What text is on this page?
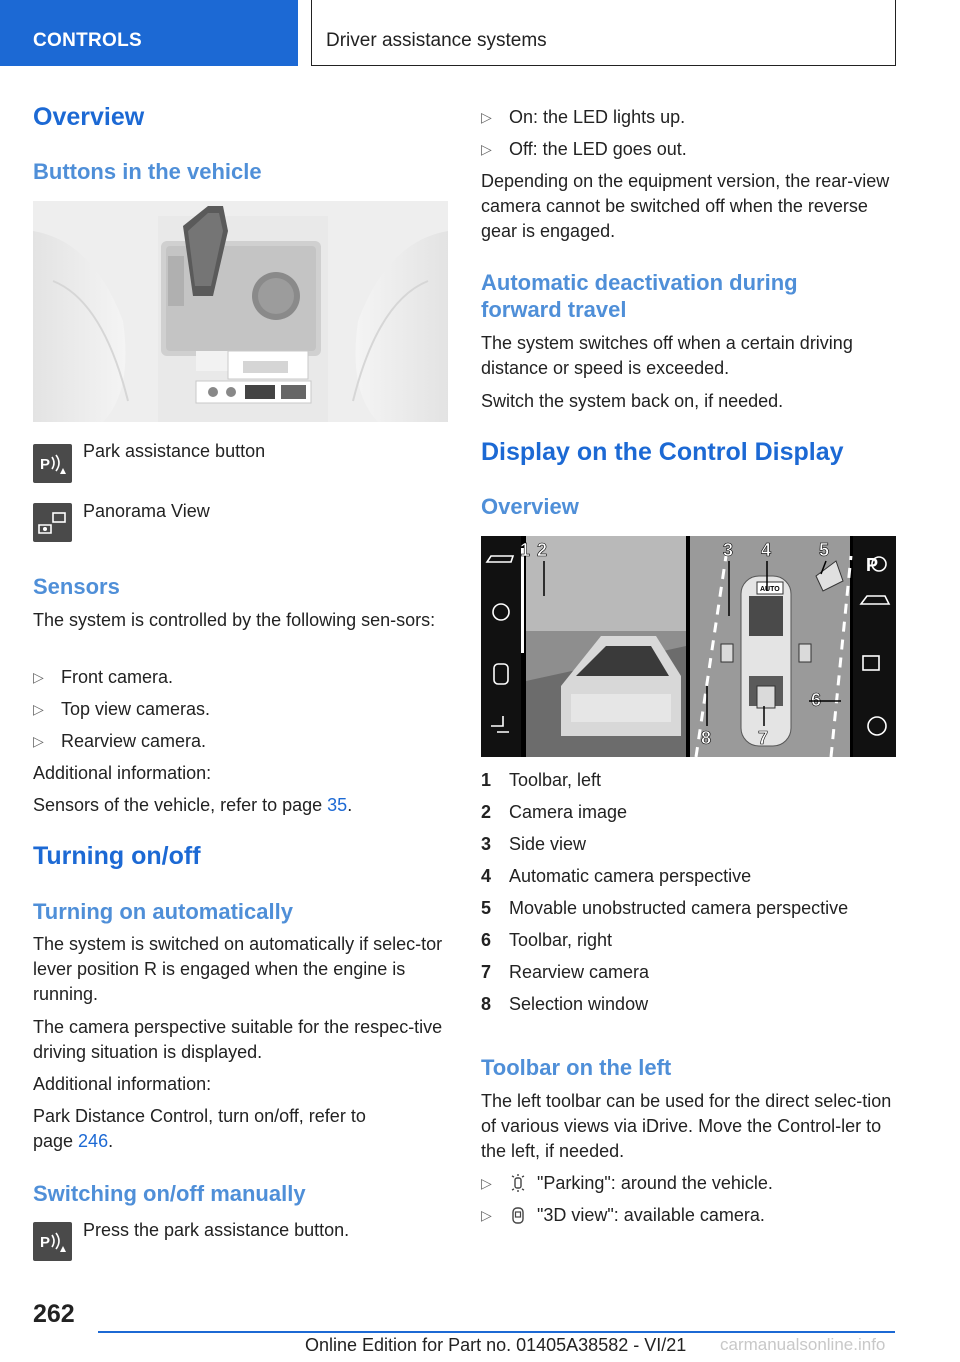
CONTROLS	Driver assistance systems
Overview
Buttons in the vehicle
P
Park assistance button
Panorama View
Sensors
The system is controlled by the following sen‑sors:
▷ Front camera.
▷ Top view cameras.
▷ Rearview camera.
Additional information:
Sensors of the vehicle, refer to page 35.
Turning on/off
Turning on automatically
The system is switched on automatically if selec‑tor lever position R is engaged when the engine is running.
The camera perspective suitable for the respec‑tive driving situation is displayed.
Additional information:
Park Distance Control, turn on/off, refer to
page 246.
Switching on/off manually
P
Press the park assistance button.
▷ On: the LED lights up.
▷ Off: the LED goes out.
Depending on the equipment version, the rear‑view camera cannot be switched off when the reverse gear is engaged.
Automatic deactivation during
forward travel
The system switches off when a certain driving distance or speed is exceeded.
Switch the system back on, if needed.
Display on the Control Display
Overview
AUTO
P
1 2	3 4	5
6
7
8
1 Toolbar, left
2 Camera image
3 Side view
4 Automatic camera perspective
5 Movable unobstructed camera perspective
6 Toolbar, right
7 Rearview camera
8 Selection window
Toolbar on the left
The left toolbar can be used for the direct selec‑tion of various views via iDrive. Move the Control‑ler to the left, if needed.
▷	"Parking": around the vehicle.
▷	"3D view": available camera.
262
Online Edition for Part no. 01405A38582 - VI/21 carmanualsonline.info
